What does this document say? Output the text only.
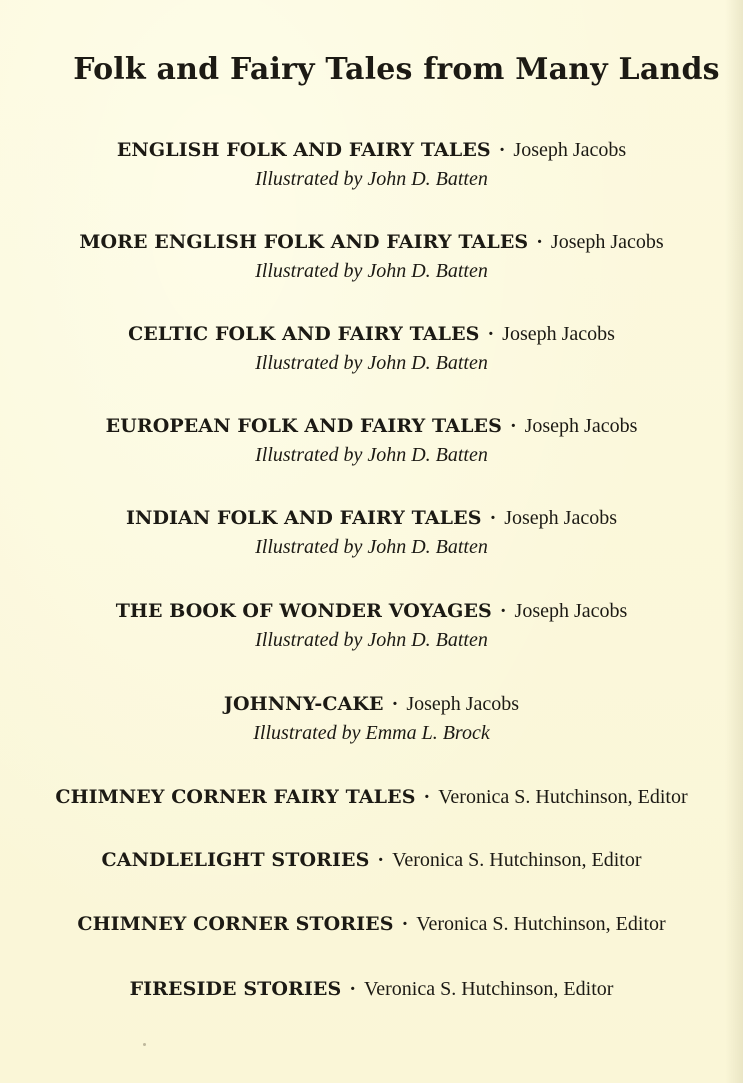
Folk and Fairy Tales from Many Lands
ENGLISH FOLK AND FAIRY TALES · Joseph Jacobs
Illustrated by John D. Batten
MORE ENGLISH FOLK AND FAIRY TALES · Joseph Jacobs
Illustrated by John D. Batten
CELTIC FOLK AND FAIRY TALES · Joseph Jacobs
Illustrated by John D. Batten
EUROPEAN FOLK AND FAIRY TALES · Joseph Jacobs
Illustrated by John D. Batten
INDIAN FOLK AND FAIRY TALES · Joseph Jacobs
Illustrated by John D. Batten
THE BOOK OF WONDER VOYAGES · Joseph Jacobs
Illustrated by John D. Batten
JOHNNY-CAKE · Joseph Jacobs
Illustrated by Emma L. Brock
CHIMNEY CORNER FAIRY TALES · Veronica S. Hutchinson, Editor
CANDLELIGHT STORIES · Veronica S. Hutchinson, Editor
CHIMNEY CORNER STORIES · Veronica S. Hutchinson, Editor
FIRESIDE STORIES · Veronica S. Hutchinson, Editor
